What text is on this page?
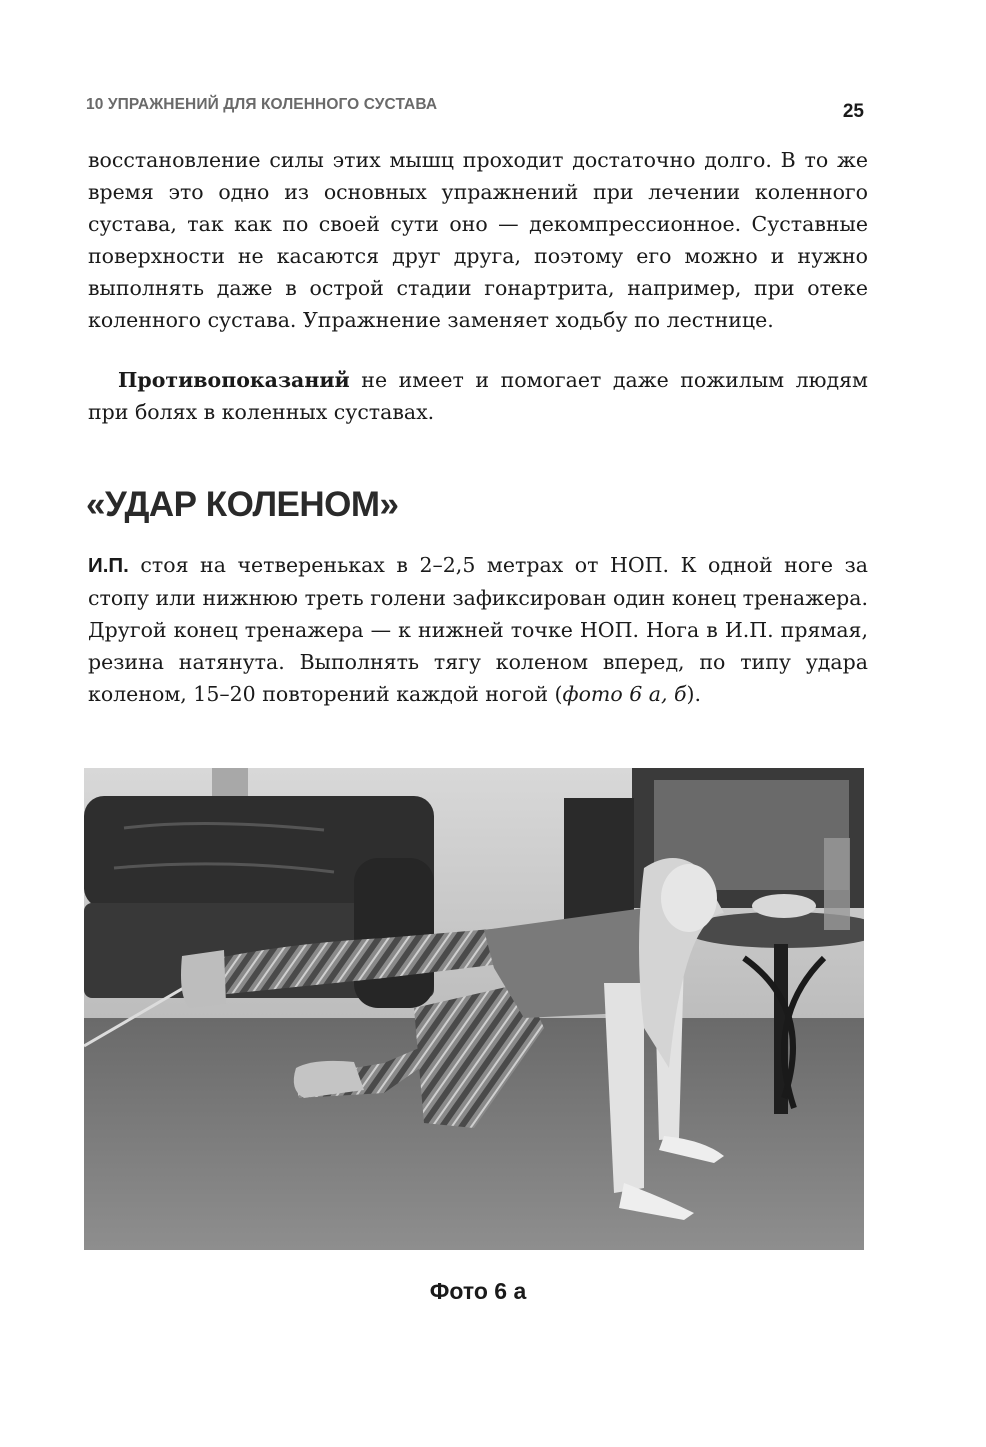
10 УПРАЖНЕНИЙ ДЛЯ КОЛЕННОГО СУСТАВА	25

восстановление силы этих мышц проходит достаточно долго. В то же время это одно из основных упражнений при лечении коленного сустава, так как по своей сути оно — декомпрессионное. Суставные поверхности не касаются друг друга, поэтому его можно и нужно выполнять даже в острой стадии гонартрита, например, при отеке коленного сустава. Упражнение заменяет ходьбу по лестнице.

Противопоказаний не имеет и помогает даже пожилым людям при болях в коленных суставах.

«УДАР КОЛЕНОМ»

И.П. стоя на четвереньках в 2–2,5 метрах от НОП. К одной ноге за стопу или нижнюю треть голени зафиксирован один конец тренажера. Другой конец тренажера — к нижней точке НОП. Нога в И.П. прямая, резина натянута. Выполнять тягу коленом вперед, по типу удара коленом, 15–20 повторений каждой ногой (фото 6 а, б).

Фото 6 а
